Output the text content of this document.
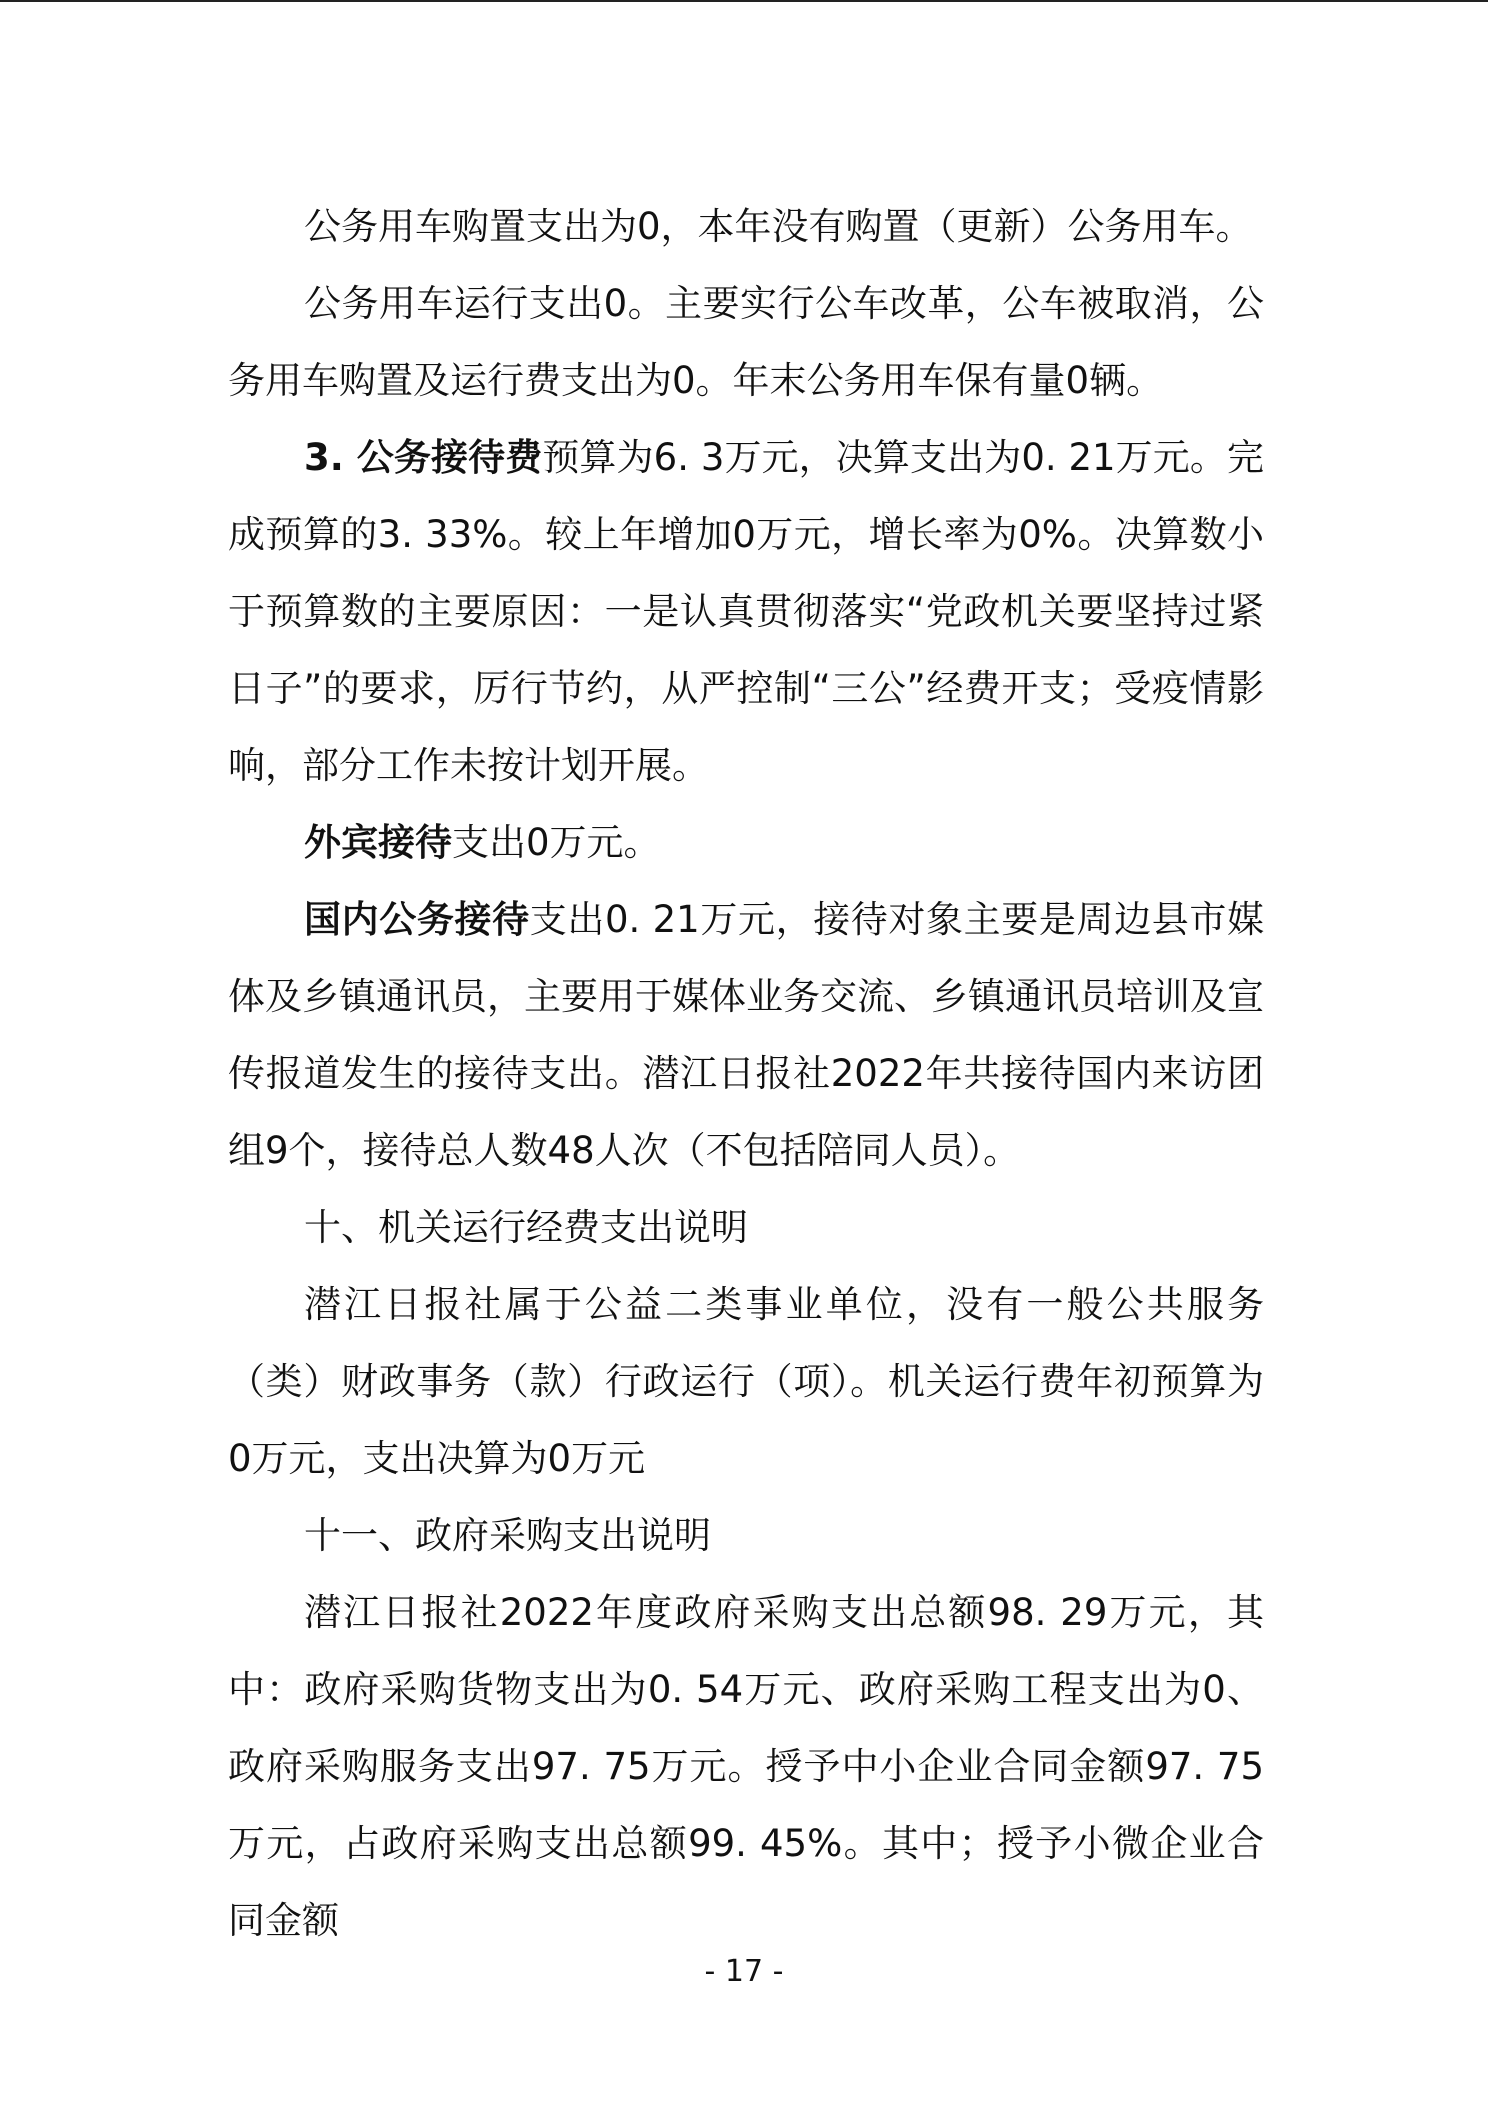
公务用车购置支出为0，本年没有购置（更新）公务用车。

公务用车运行支出0。主要实行公车改革，公车被取消，公务用车购置及运行费支出为0。年末公务用车保有量0辆。

3. 公务接待费预算为6. 3万元，决算支出为0. 21万元。完成预算的3. 33%。较上年增加0万元，增长率为0%。决算数小于预算数的主要原因：一是认真贯彻落实“党政机关要坚持过紧日子”的要求，厉行节约，从严控制“三公”经费开支；受疫情影响，部分工作未按计划开展。

外宾接待支出0万元。

国内公务接待支出0. 21万元，接待对象主要是周边县市媒体及乡镇通讯员，主要用于媒体业务交流、乡镇通讯员培训及宣传报道发生的接待支出。潜江日报社2022年共接待国内来访团组9个，接待总人数48人次（不包括陪同人员）。

十、机关运行经费支出说明

潜江日报社属于公益二类事业单位，没有一般公共服务（类）财政事务（款）行政运行（项）。机关运行费年初预算为0万元，支出决算为0万元

十一、政府采购支出说明

潜江日报社2022年度政府采购支出总额98. 29万元，其中：政府采购货物支出为0. 54万元、政府采购工程支出为0、政府采购服务支出97. 75万元。授予中小企业合同金额97. 75万元，占政府采购支出总额99. 45%。其中；授予小微企业合同金额

- 17 -
